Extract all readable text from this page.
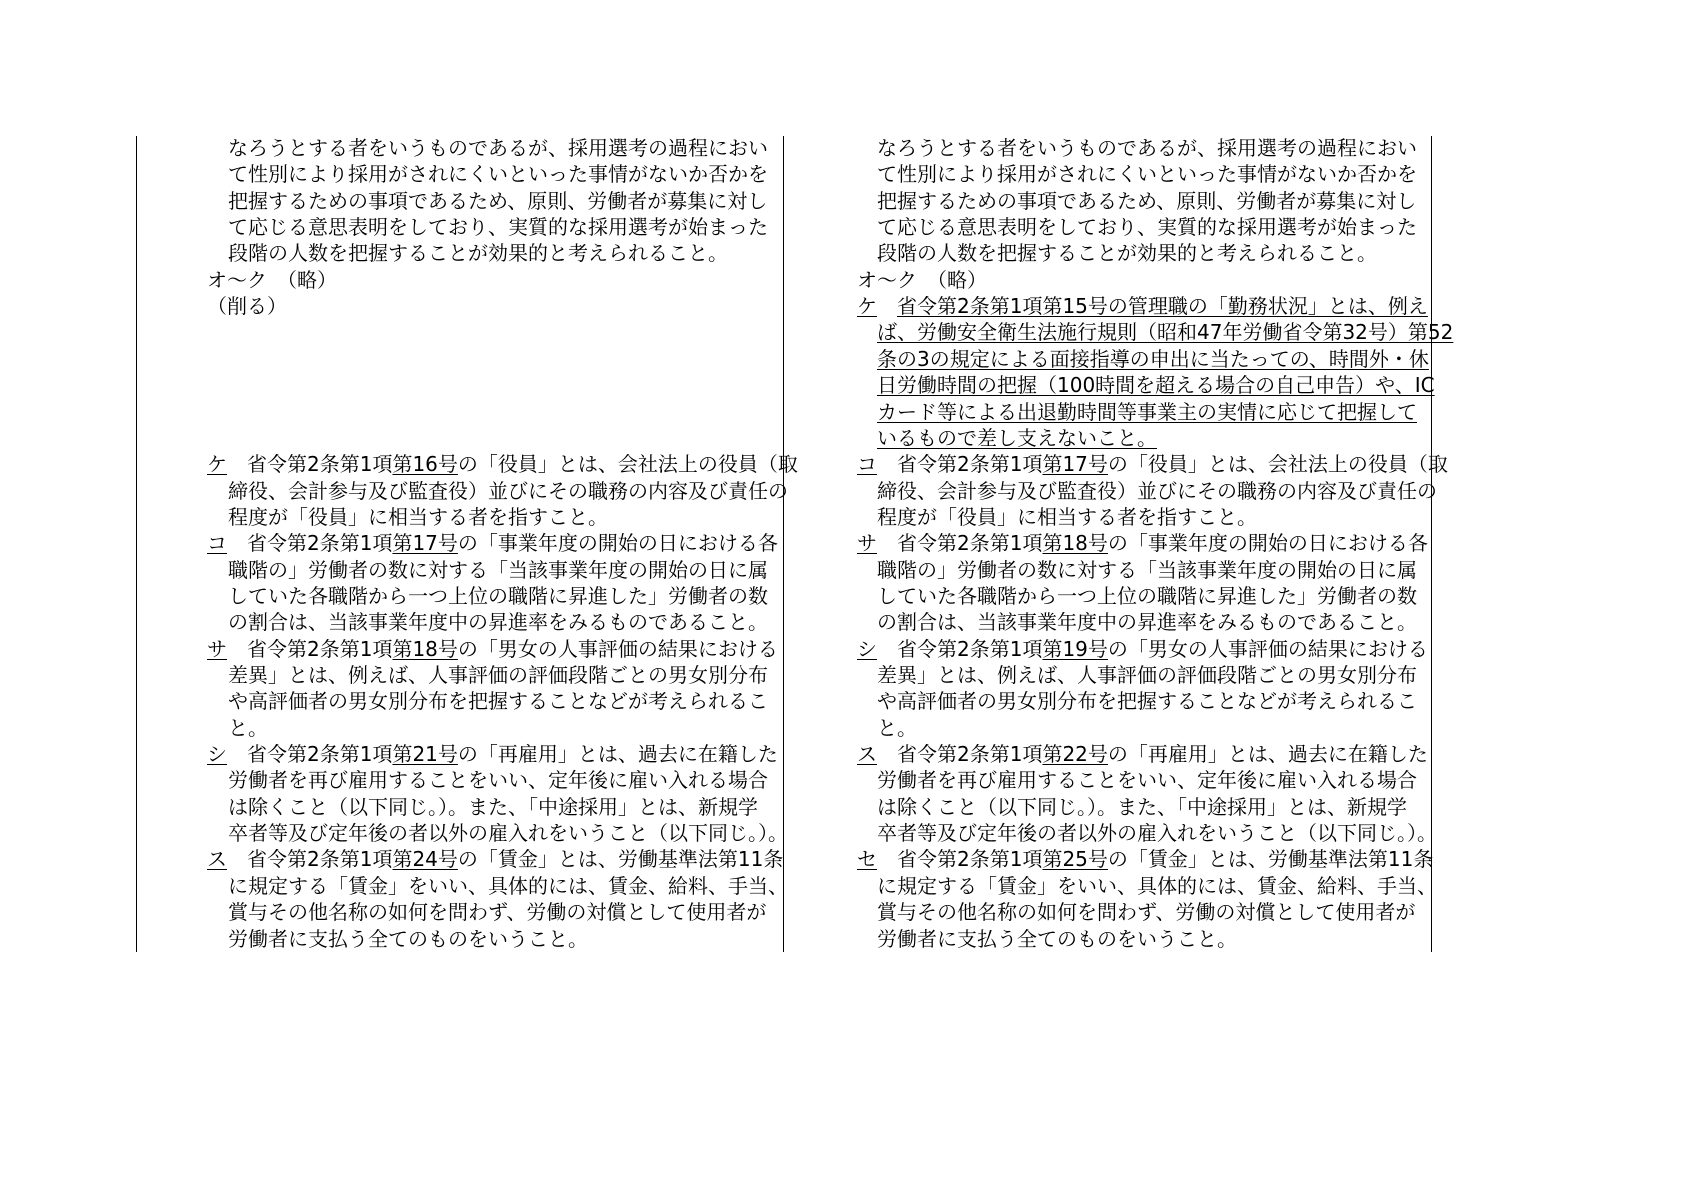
なろうとする者をいうものであるが、採用選考の過程におい
て性別により採用がされにくいといった事情がないか否かを
把握するための事項であるため、原則、労働者が募集に対し
て応じる意思表明をしており、実質的な採用選考が始まった
段階の人数を把握することが効果的と考えられること。
オ～ク　（略）
（削る）
ケ　省令第2条第1項第16号の「役員」とは、会社法上の役員（取
締役、会計参与及び監査役）並びにその職務の内容及び責任の
程度が「役員」に相当する者を指すこと。
コ　省令第2条第1項第17号の「事業年度の開始の日における各
職階の」労働者の数に対する「当該事業年度の開始の日に属
していた各職階から一つ上位の職階に昇進した」労働者の数
の割合は、当該事業年度中の昇進率をみるものであること。
サ　省令第2条第1項第18号の「男女の人事評価の結果における
差異」とは、例えば、人事評価の評価段階ごとの男女別分布
や高評価者の男女別分布を把握することなどが考えられるこ
と。
シ　省令第2条第1項第21号の「再雇用」とは、過去に在籍した
労働者を再び雇用することをいい、定年後に雇い入れる場合
は除くこと（以下同じ。）。また、「中途採用」とは、新規学
卒者等及び定年後の者以外の雇入れをいうこと（以下同じ。）。
ス　省令第2条第1項第24号の「賃金」とは、労働基準法第11条
に規定する「賃金」をいい、具体的には、賃金、給料、手当、
賞与その他名称の如何を問わず、労働の対償として使用者が
労働者に支払う全てのものをいうこと。
なろうとする者をいうものであるが、採用選考の過程におい
て性別により採用がされにくいといった事情がないか否かを
把握するための事項であるため、原則、労働者が募集に対し
て応じる意思表明をしており、実質的な採用選考が始まった
段階の人数を把握することが効果的と考えられること。
オ～ク　（略）
ケ　 省令第2条第1項第15号の管理職の「勤務状況」とは、例え
ば、労働安全衛生法施行規則（昭和47年労働省令第32号）第52
条の3の規定による面接指導の申出に当たっての、時間外・休
日労働時間の把握（100時間を超える場合の自己申告）や、IC
カード等による出退勤時間等事業主の実情に応じて把握して
いるもので差し支えないこと。
コ　省令第2条第1項第17号の「役員」とは、会社法上の役員（取
締役、会計参与及び監査役）並びにその職務の内容及び責任の
程度が「役員」に相当する者を指すこと。
サ　省令第2条第1項第18号の「事業年度の開始の日における各
職階の」労働者の数に対する「当該事業年度の開始の日に属
していた各職階から一つ上位の職階に昇進した」労働者の数
の割合は、当該事業年度中の昇進率をみるものであること。
シ　省令第2条第1項第19号の「男女の人事評価の結果における
差異」とは、例えば、人事評価の評価段階ごとの男女別分布
や高評価者の男女別分布を把握することなどが考えられるこ
と。
ス　省令第2条第1項第22号の「再雇用」とは、過去に在籍した
労働者を再び雇用することをいい、定年後に雇い入れる場合
は除くこと（以下同じ。）。また、「中途採用」とは、新規学
卒者等及び定年後の者以外の雇入れをいうこと（以下同じ。）。
セ　省令第2条第1項第25号の「賃金」とは、労働基準法第11条
に規定する「賃金」をいい、具体的には、賃金、給料、手当、
賞与その他名称の如何を問わず、労働の対償として使用者が
労働者に支払う全てのものをいうこと。
